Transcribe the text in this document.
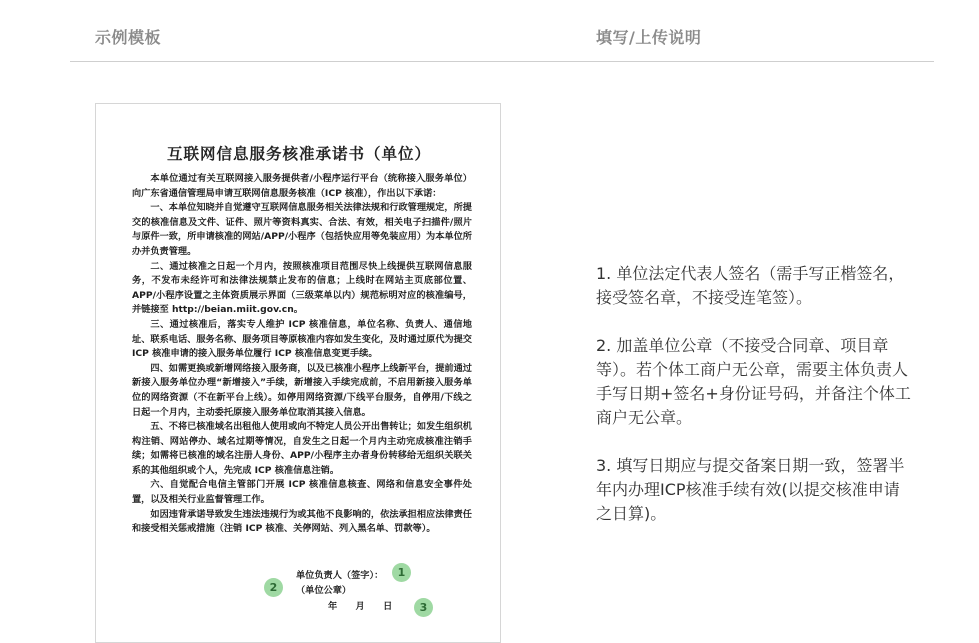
示例模板	填写/上传说明
互联网信息服务核准承诺书（单位）

本单位通过有关互联网接入服务提供者/小程序运行平台（统称接入服务单位）向广东省通信管理局申请互联网信息服务核准（ICP 核准），作出以下承诺：

一、本单位知晓并自觉遵守互联网信息服务相关法律法规和行政管理规定，所提交的核准信息及文件、证件、照片等资料真实、合法、有效，相关电子扫描件/照片与原件一致，所申请核准的网站/APP/小程序（包括快应用等免装应用）为本单位所办并负责管理。

二、通过核准之日起一个月内，按照核准项目范围尽快上线提供互联网信息服务，不发布未经许可和法律法规禁止发布的信息；上线时在网站主页底部位置、APP/小程序设置之主体资质展示界面（三级菜单以内）规范标明对应的核准编号，并链接至 http://beian.miit.gov.cn。

三、通过核准后，落实专人维护 ICP 核准信息，单位名称、负责人、通信地址、联系电话、服务名称、服务项目等原核准内容如发生变化，及时通过原代为提交 ICP 核准申请的接入服务单位履行 ICP 核准信息变更手续。

四、如需更换或新增网络接入服务商，以及已核准小程序上线新平台，提前通过新接入服务单位办理“新增接入”手续，新增接入手续完成前，不启用新接入服务单位的网络资源（不在新平台上线）。如停用网络资源/下线平台服务，自停用/下线之日起一个月内，主动委托原接入服务单位取消其接入信息。

五、不将已核准域名出租他人使用或向不特定人员公开出售转让；如发生组织机构注销、网站停办、域名过期等情况，自发生之日起一个月内主动完成核准注销手续；如需将已核准的域名注册人身份、APP/小程序主办者身份转移给无组织关联关系的其他组织或个人，先完成 ICP 核准信息注销。

六、自觉配合电信主管部门开展 ICP 核准信息核查、网络和信息安全事件处置，以及相关行业监督管理工作。

如因违背承诺导致发生违法违规行为或其他不良影响的，依法承担相应法律责任和接受相关惩戒措施（注销 ICP 核准、关停网站、列入黑名单、罚款等）。

单位负责人（签字）：
（单位公章）
年　　月　　日
1
2
3

1. 单位法定代表人签名（需手写正楷签名，接受签名章，不接受连笔签）。

2. 加盖单位公章（不接受合同章、项目章等）。若个体工商户无公章，需要主体负责人手写日期+签名+身份证号码，并备注个体工商户无公章。

3. 填写日期应与提交备案日期一致，签署半年内办理ICP核准手续有效(以提交核准申请之日算)。
